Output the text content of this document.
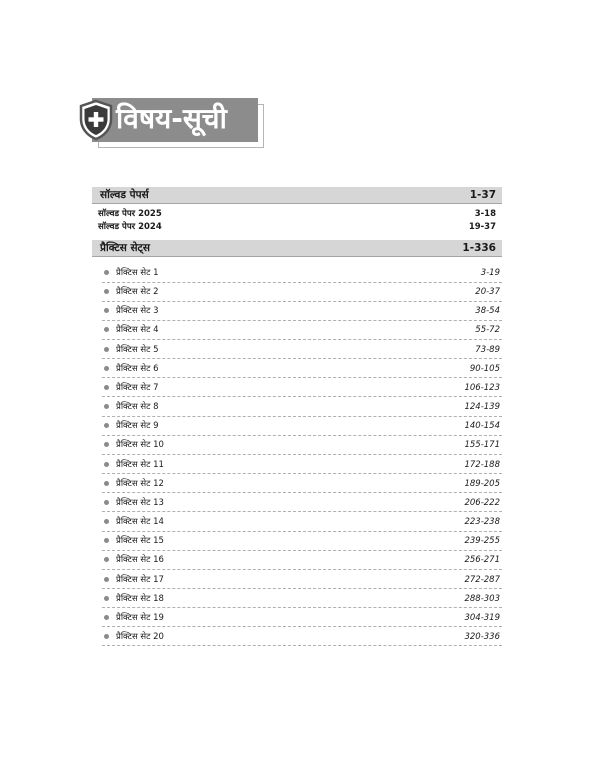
विषय-सूची
सॉल्वड पेपर्स	1-37
सॉल्वड पेपर 2025	3-18
सॉल्वड पेपर 2024	19-37
प्रैक्टिस सेट्स	1-336
प्रैक्टिस सेट 1	3-19
प्रैक्टिस सेट 2	20-37
प्रैक्टिस सेट 3	38-54
प्रैक्टिस सेट 4	55-72
प्रैक्टिस सेट 5	73-89
प्रैक्टिस सेट 6	90-105
प्रैक्टिस सेट 7	106-123
प्रैक्टिस सेट 8	124-139
प्रैक्टिस सेट 9	140-154
प्रैक्टिस सेट 10	155-171
प्रैक्टिस सेट 11	172-188
प्रैक्टिस सेट 12	189-205
प्रैक्टिस सेट 13	206-222
प्रैक्टिस सेट 14	223-238
प्रैक्टिस सेट 15	239-255
प्रैक्टिस सेट 16	256-271
प्रैक्टिस सेट 17	272-287
प्रैक्टिस सेट 18	288-303
प्रैक्टिस सेट 19	304-319
प्रैक्टिस सेट 20	320-336
